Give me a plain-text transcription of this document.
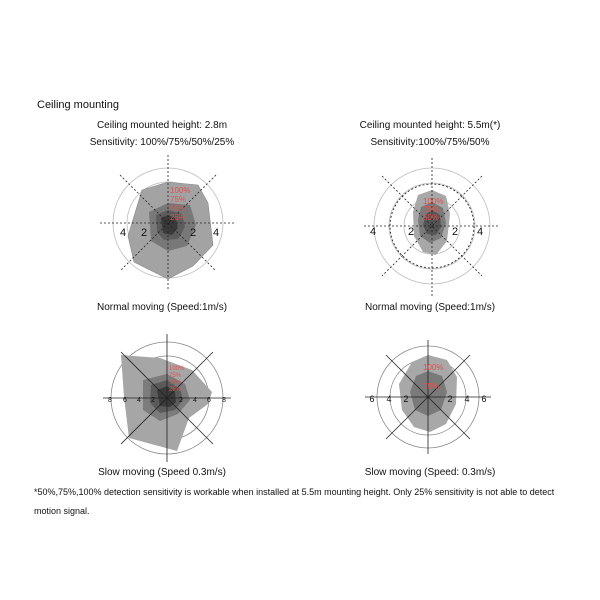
Ceiling mounting
Ceiling mounted height: 2.8m
Sensitivity: 100%/75%/50%/25%
Ceiling mounted height: 5.5m(*)
Sensitivity:100%/75%/50%
4 2	2 4
100%
75%
50%
25%
4	2	2 4
100%
75%
50%
Normal moving (Speed:1m/s)	Normal moving (Speed:1m/s)
8 6 4 2	2 4 6 8
100%
75%
50%
25%
6 4 2	2 4 6
100%
75%
Slow moving (Speed 0.3m/s)	Slow moving (Speed: 0.3m/s)
*50%,75%,100% detection sensitivity is workable when installed at 5.5m mounting height. Only 25% sensitivity is not able to detect motion signal.
